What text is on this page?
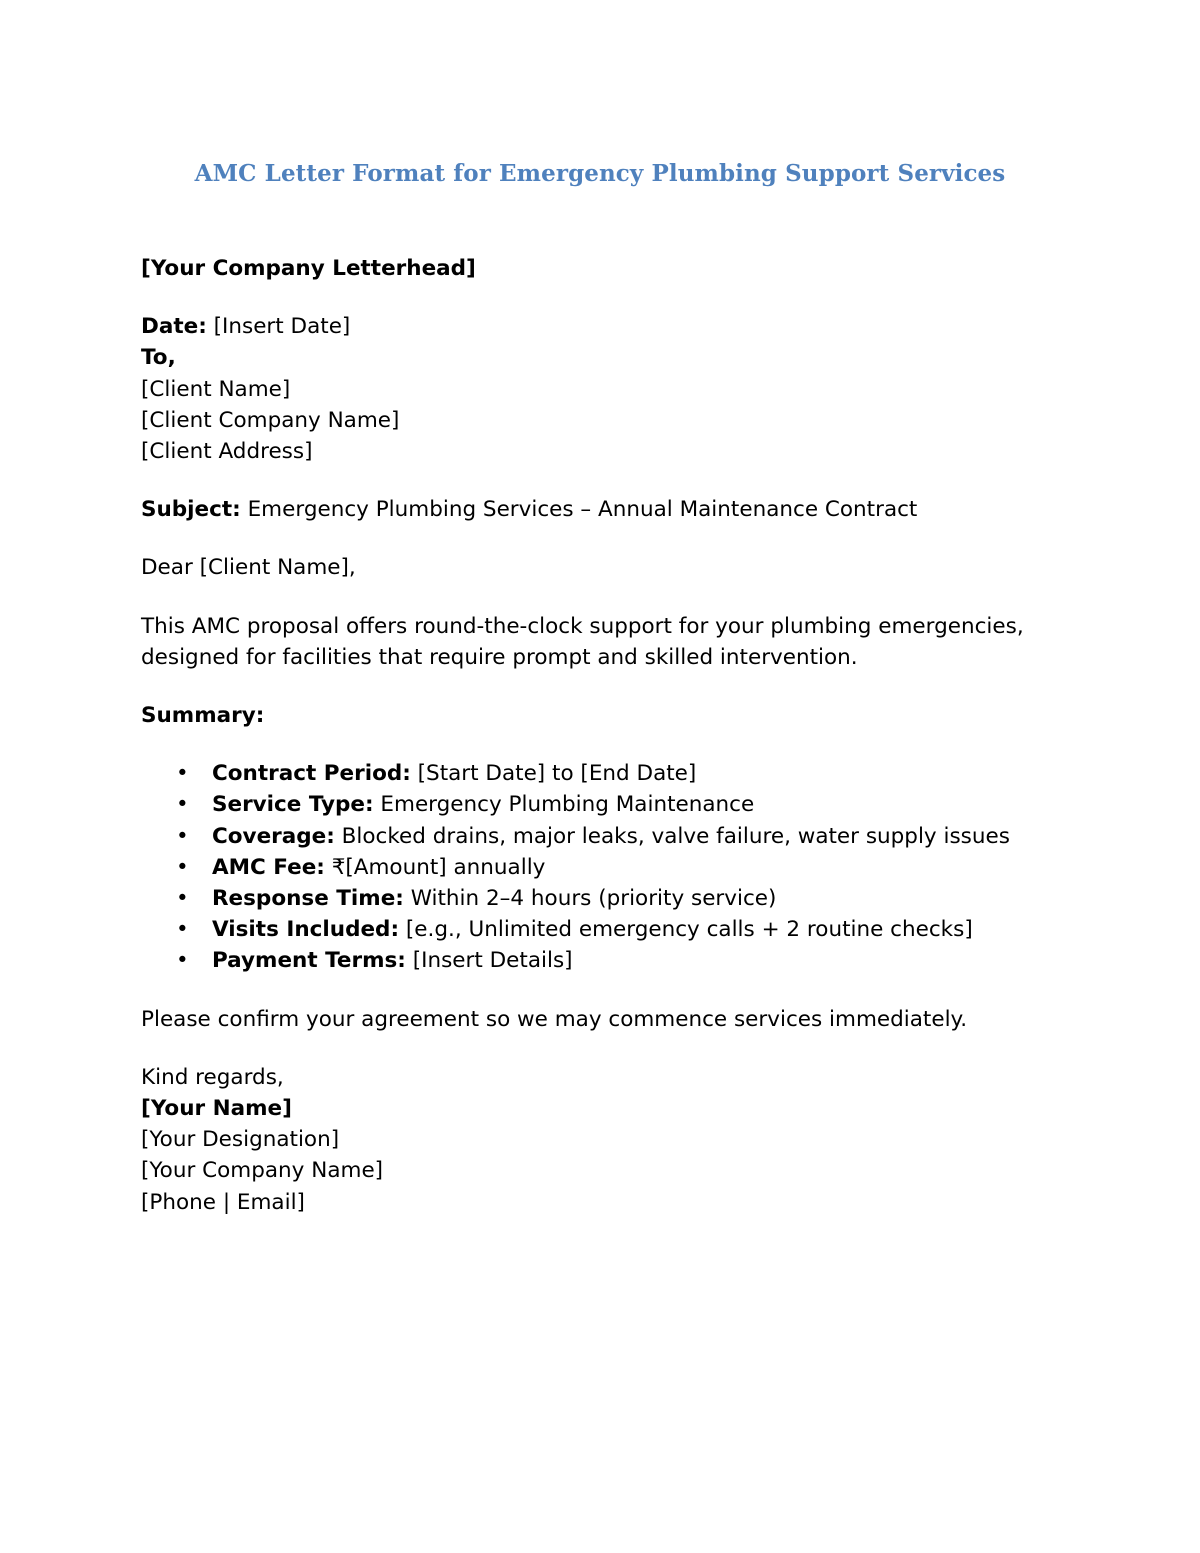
AMC Letter Format for Emergency Plumbing Support Services
[Your Company Letterhead]
Date: [Insert Date]
To,
[Client Name]
[Client Company Name]
[Client Address]
Subject: Emergency Plumbing Services – Annual Maintenance Contract
Dear [Client Name],
This AMC proposal offers round-the-clock support for your plumbing emergencies,
designed for facilities that require prompt and skilled intervention.
Summary:
• Contract Period: [Start Date] to [End Date]
• Service Type: Emergency Plumbing Maintenance
• Coverage: Blocked drains, major leaks, valve failure, water supply issues
• AMC Fee: ₹[Amount] annually
• Response Time: Within 2–4 hours (priority service)
• Visits Included: [e.g., Unlimited emergency calls + 2 routine checks]
• Payment Terms: [Insert Details]
Please confirm your agreement so we may commence services immediately.
Kind regards,
[Your Name]
[Your Designation]
[Your Company Name]
[Phone | Email]
